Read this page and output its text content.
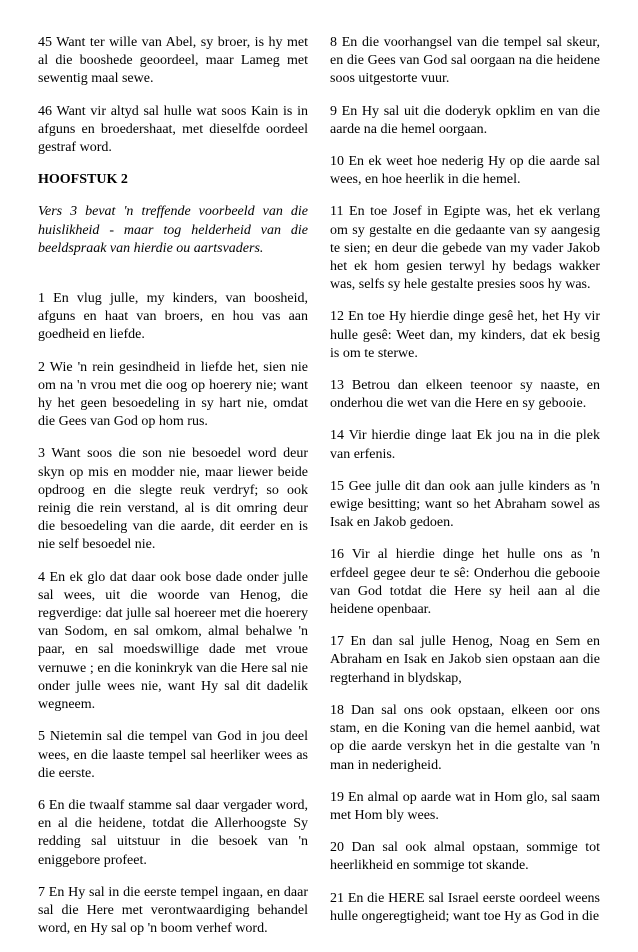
45 Want ter wille van Abel, sy broer, is hy met al die booshede geoordeel, maar Lameg met sewentig maal sewe.

46 Want vir altyd sal hulle wat soos Kain is in afguns en broedershaat, met dieselfde oordeel gestraf word.

HOOFSTUK 2

Vers 3 bevat 'n treffende voorbeeld van die huislikheid - maar tog helderheid van die beeldspraak van hierdie ou aartsvaders.

1 En vlug julle, my kinders, van boosheid, afguns en haat van broers, en hou vas aan goedheid en liefde.

2 Wie 'n rein gesindheid in liefde het, sien nie om na 'n vrou met die oog op hoerery nie; want hy het geen besoedeling in sy hart nie, omdat die Gees van God op hom rus.

3 Want soos die son nie besoedel word deur skyn op mis en modder nie, maar liewer beide opdroog en die slegte reuk verdryf; so ook reinig die rein verstand, al is dit omring deur die besoedeling van die aarde, dit eerder en is nie self besoedel nie.

4 En ek glo dat daar ook bose dade onder julle sal wees, uit die woorde van Henog, die regverdige: dat julle sal hoereer met die hoerery van Sodom, en sal omkom, almal behalwe 'n paar, en sal moedswillige dade met vroue vernuwe ; en die koninkryk van die Here sal nie onder julle wees nie, want Hy sal dit dadelik wegneem.

5 Nietemin sal die tempel van God in jou deel wees, en die laaste tempel sal heerliker wees as die eerste.

6 En die twaalf stamme sal daar vergader word, en al die heidene, totdat die Allerhoogste Sy redding sal uitstuur in die besoek van 'n eniggebore profeet.

7 En Hy sal in die eerste tempel ingaan, en daar sal die Here met verontwaardiging behandel word, en Hy sal op 'n boom verhef word.

8 En die voorhangsel van die tempel sal skeur, en die Gees van God sal oorgaan na die heidene soos uitgestorte vuur.

9 En Hy sal uit die doderyk opklim en van die aarde na die hemel oorgaan.

10 En ek weet hoe nederig Hy op die aarde sal wees, en hoe heerlik in die hemel.

11 En toe Josef in Egipte was, het ek verlang om sy gestalte en die gedaante van sy aangesig te sien; en deur die gebede van my vader Jakob het ek hom gesien terwyl hy bedags wakker was, selfs sy hele gestalte presies soos hy was.

12 En toe Hy hierdie dinge gesê het, het Hy vir hulle gesê: Weet dan, my kinders, dat ek besig is om te sterwe.

13 Betrou dan elkeen teenoor sy naaste, en onderhou die wet van die Here en sy gebooie.

14 Vir hierdie dinge laat Ek jou na in die plek van erfenis.

15 Gee julle dit dan ook aan julle kinders as 'n ewige besitting; want so het Abraham sowel as Isak en Jakob gedoen.

16 Vir al hierdie dinge het hulle ons as 'n erfdeel gegee deur te sê: Onderhou die gebooie van God totdat die Here sy heil aan al die heidene openbaar.

17 En dan sal julle Henog, Noag en Sem en Abraham en Isak en Jakob sien opstaan aan die regterhand in blydskap,

18 Dan sal ons ook opstaan, elkeen oor ons stam, en die Koning van die hemel aanbid, wat op die aarde verskyn het in die gestalte van 'n man in nederigheid.

19 En almal op aarde wat in Hom glo, sal saam met Hom bly wees.

20 Dan sal ook almal opstaan, sommige tot heerlikheid en sommige tot skande.

21 En die HERE sal Israel eerste oordeel weens hulle ongeregtigheid; want toe Hy as God in die
